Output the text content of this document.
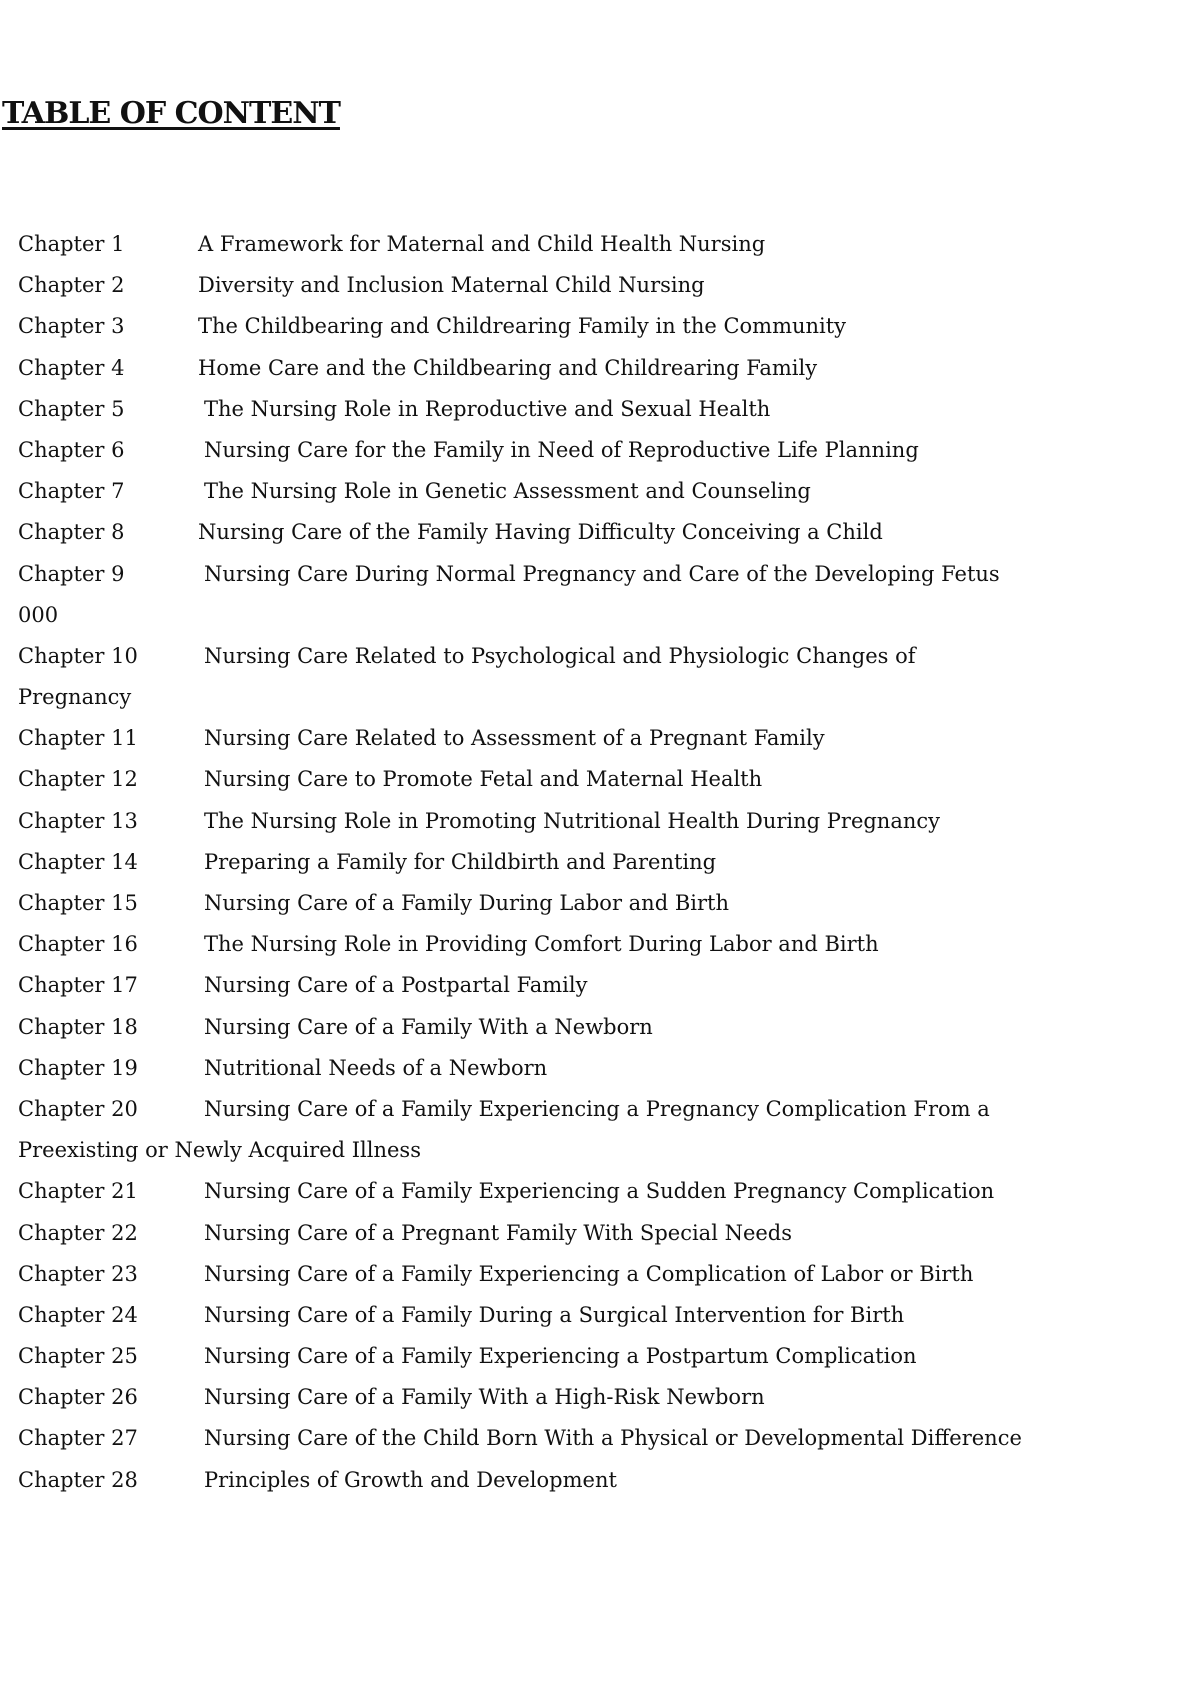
TABLE OF CONTENT
Chapter 1	A Framework for Maternal and Child Health Nursing
Chapter 2	Diversity and Inclusion Maternal Child Nursing
Chapter 3	The Childbearing and Childrearing Family in the Community
Chapter 4	Home Care and the Childbearing and Childrearing Family
Chapter 5	The Nursing Role in Reproductive and Sexual Health
Chapter 6	Nursing Care for the Family in Need of Reproductive Life Planning
Chapter 7	The Nursing Role in Genetic Assessment and Counseling
Chapter 8	Nursing Care of the Family Having Difficulty Conceiving a Child
Chapter 9	Nursing Care During Normal Pregnancy and Care of the Developing Fetus
000
Chapter 10	Nursing Care Related to Psychological and Physiologic Changes of
Pregnancy
Chapter 11	Nursing Care Related to Assessment of a Pregnant Family
Chapter 12	Nursing Care to Promote Fetal and Maternal Health
Chapter 13	The Nursing Role in Promoting Nutritional Health During Pregnancy
Chapter 14	Preparing a Family for Childbirth and Parenting
Chapter 15	Nursing Care of a Family During Labor and Birth
Chapter 16	The Nursing Role in Providing Comfort During Labor and Birth
Chapter 17	Nursing Care of a Postpartal Family
Chapter 18	Nursing Care of a Family With a Newborn
Chapter 19	Nutritional Needs of a Newborn
Chapter 20	Nursing Care of a Family Experiencing a Pregnancy Complication From a
Preexisting or Newly Acquired Illness
Chapter 21	Nursing Care of a Family Experiencing a Sudden Pregnancy Complication
Chapter 22	Nursing Care of a Pregnant Family With Special Needs
Chapter 23	Nursing Care of a Family Experiencing a Complication of Labor or Birth
Chapter 24	Nursing Care of a Family During a Surgical Intervention for Birth
Chapter 25	Nursing Care of a Family Experiencing a Postpartum Complication
Chapter 26	Nursing Care of a Family With a High-Risk Newborn
Chapter 27	Nursing Care of the Child Born With a Physical or Developmental Difference
Chapter 28	Principles of Growth and Development
